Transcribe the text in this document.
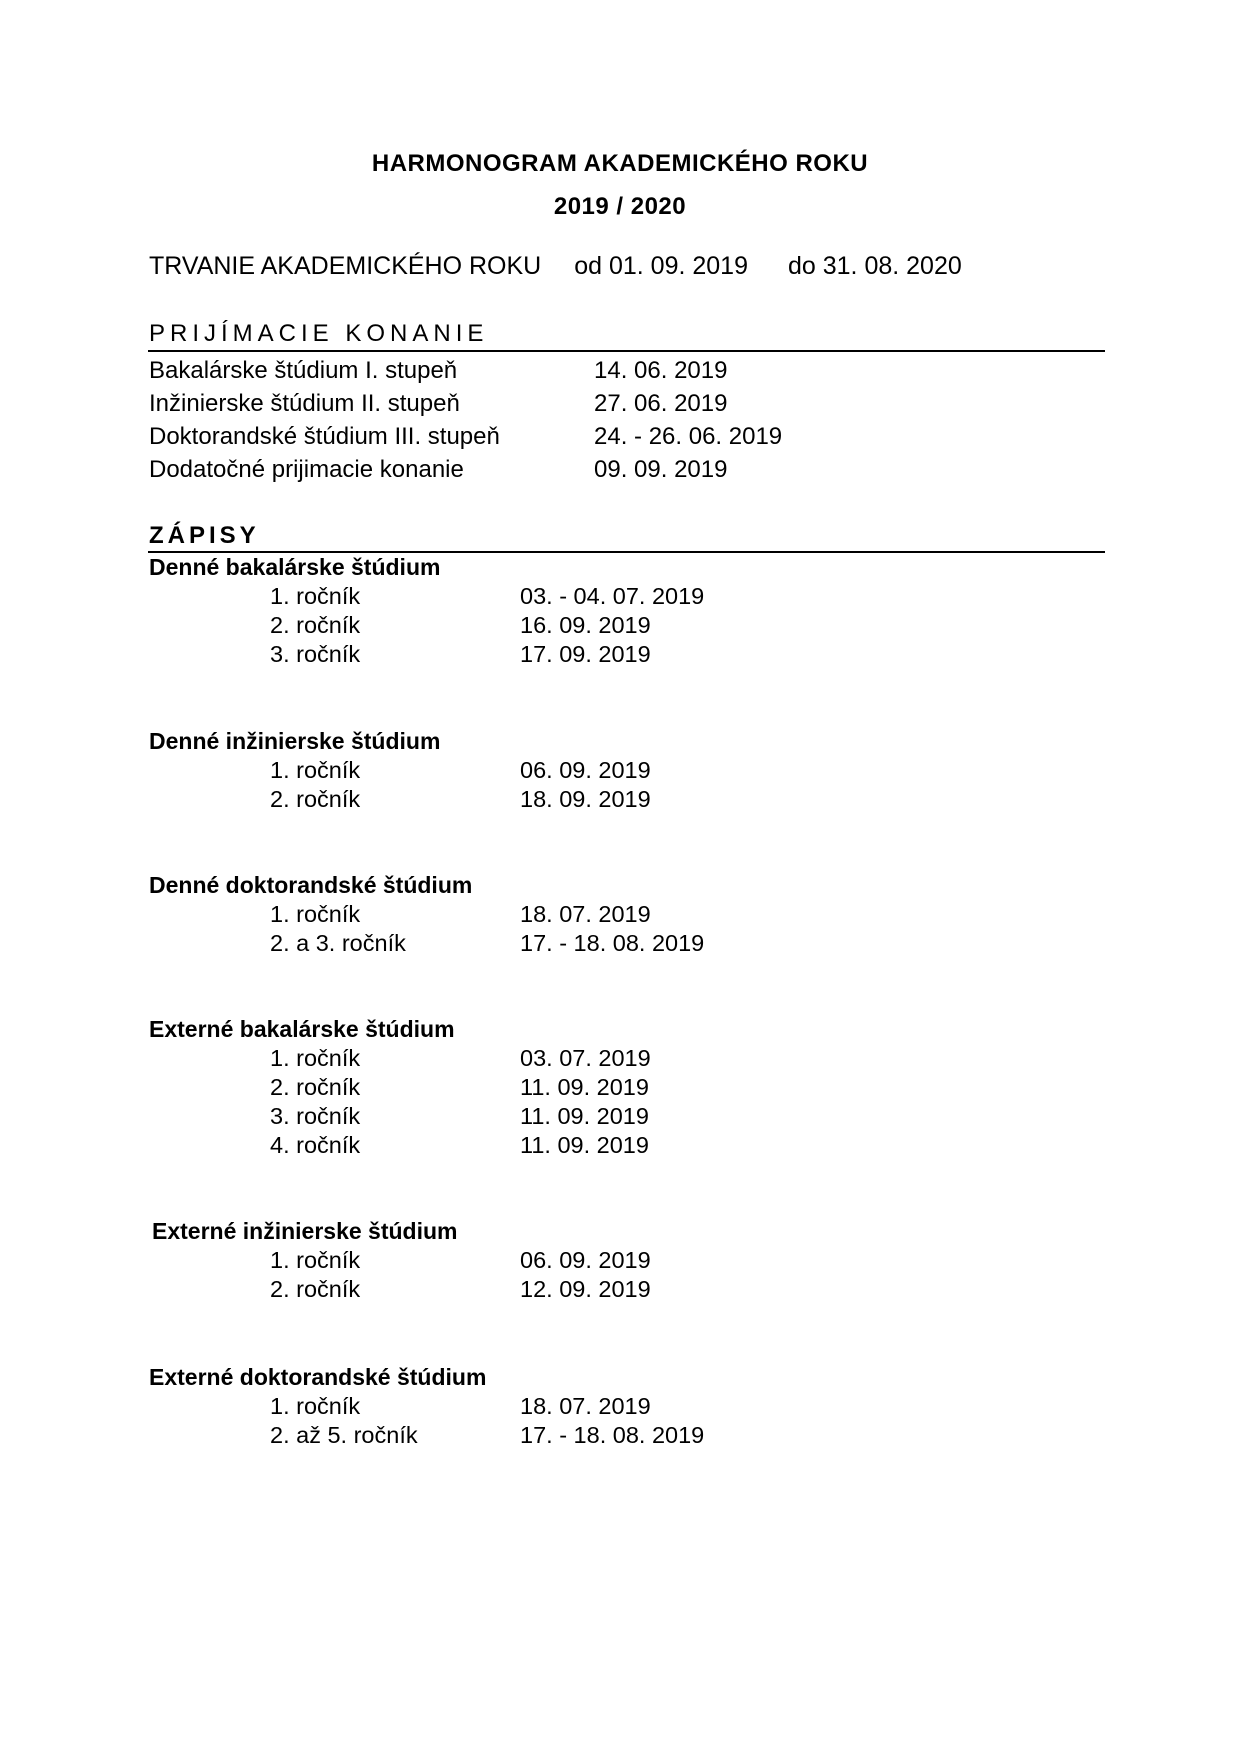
HARMONOGRAM AKADEMICKÉHO ROKU
2019 / 2020
TRVANIE AKADEMICKÉHO ROKU od 01. 09. 2019 do 31. 08. 2020
PRIJÍMACIE KONANIE
Bakalárske štúdium I. stupeň	14. 06. 2019
Inžinierske štúdium II. stupeň	27. 06. 2019
Doktorandské štúdium III. stupeň	24. - 26. 06. 2019
Dodatočné prijimacie konanie	09. 09. 2019
ZÁPISY
Denné bakalárske štúdium
1. ročník	03. - 04. 07. 2019
2. ročník	16. 09. 2019
3. ročník	17. 09. 2019
Denné inžinierske štúdium
1. ročník	06. 09. 2019
2. ročník	18. 09. 2019
Denné doktorandské štúdium
1. ročník	18. 07. 2019
2. a 3. ročník	17. - 18. 08. 2019
Externé bakalárske štúdium
1. ročník	03. 07. 2019
2. ročník	11. 09. 2019
3. ročník	11. 09. 2019
4. ročník	11. 09. 2019
Externé inžinierske štúdium
1. ročník	06. 09. 2019
2. ročník	12. 09. 2019
Externé doktorandské štúdium
1. ročník	18. 07. 2019
2. až 5. ročník	17. - 18. 08. 2019
